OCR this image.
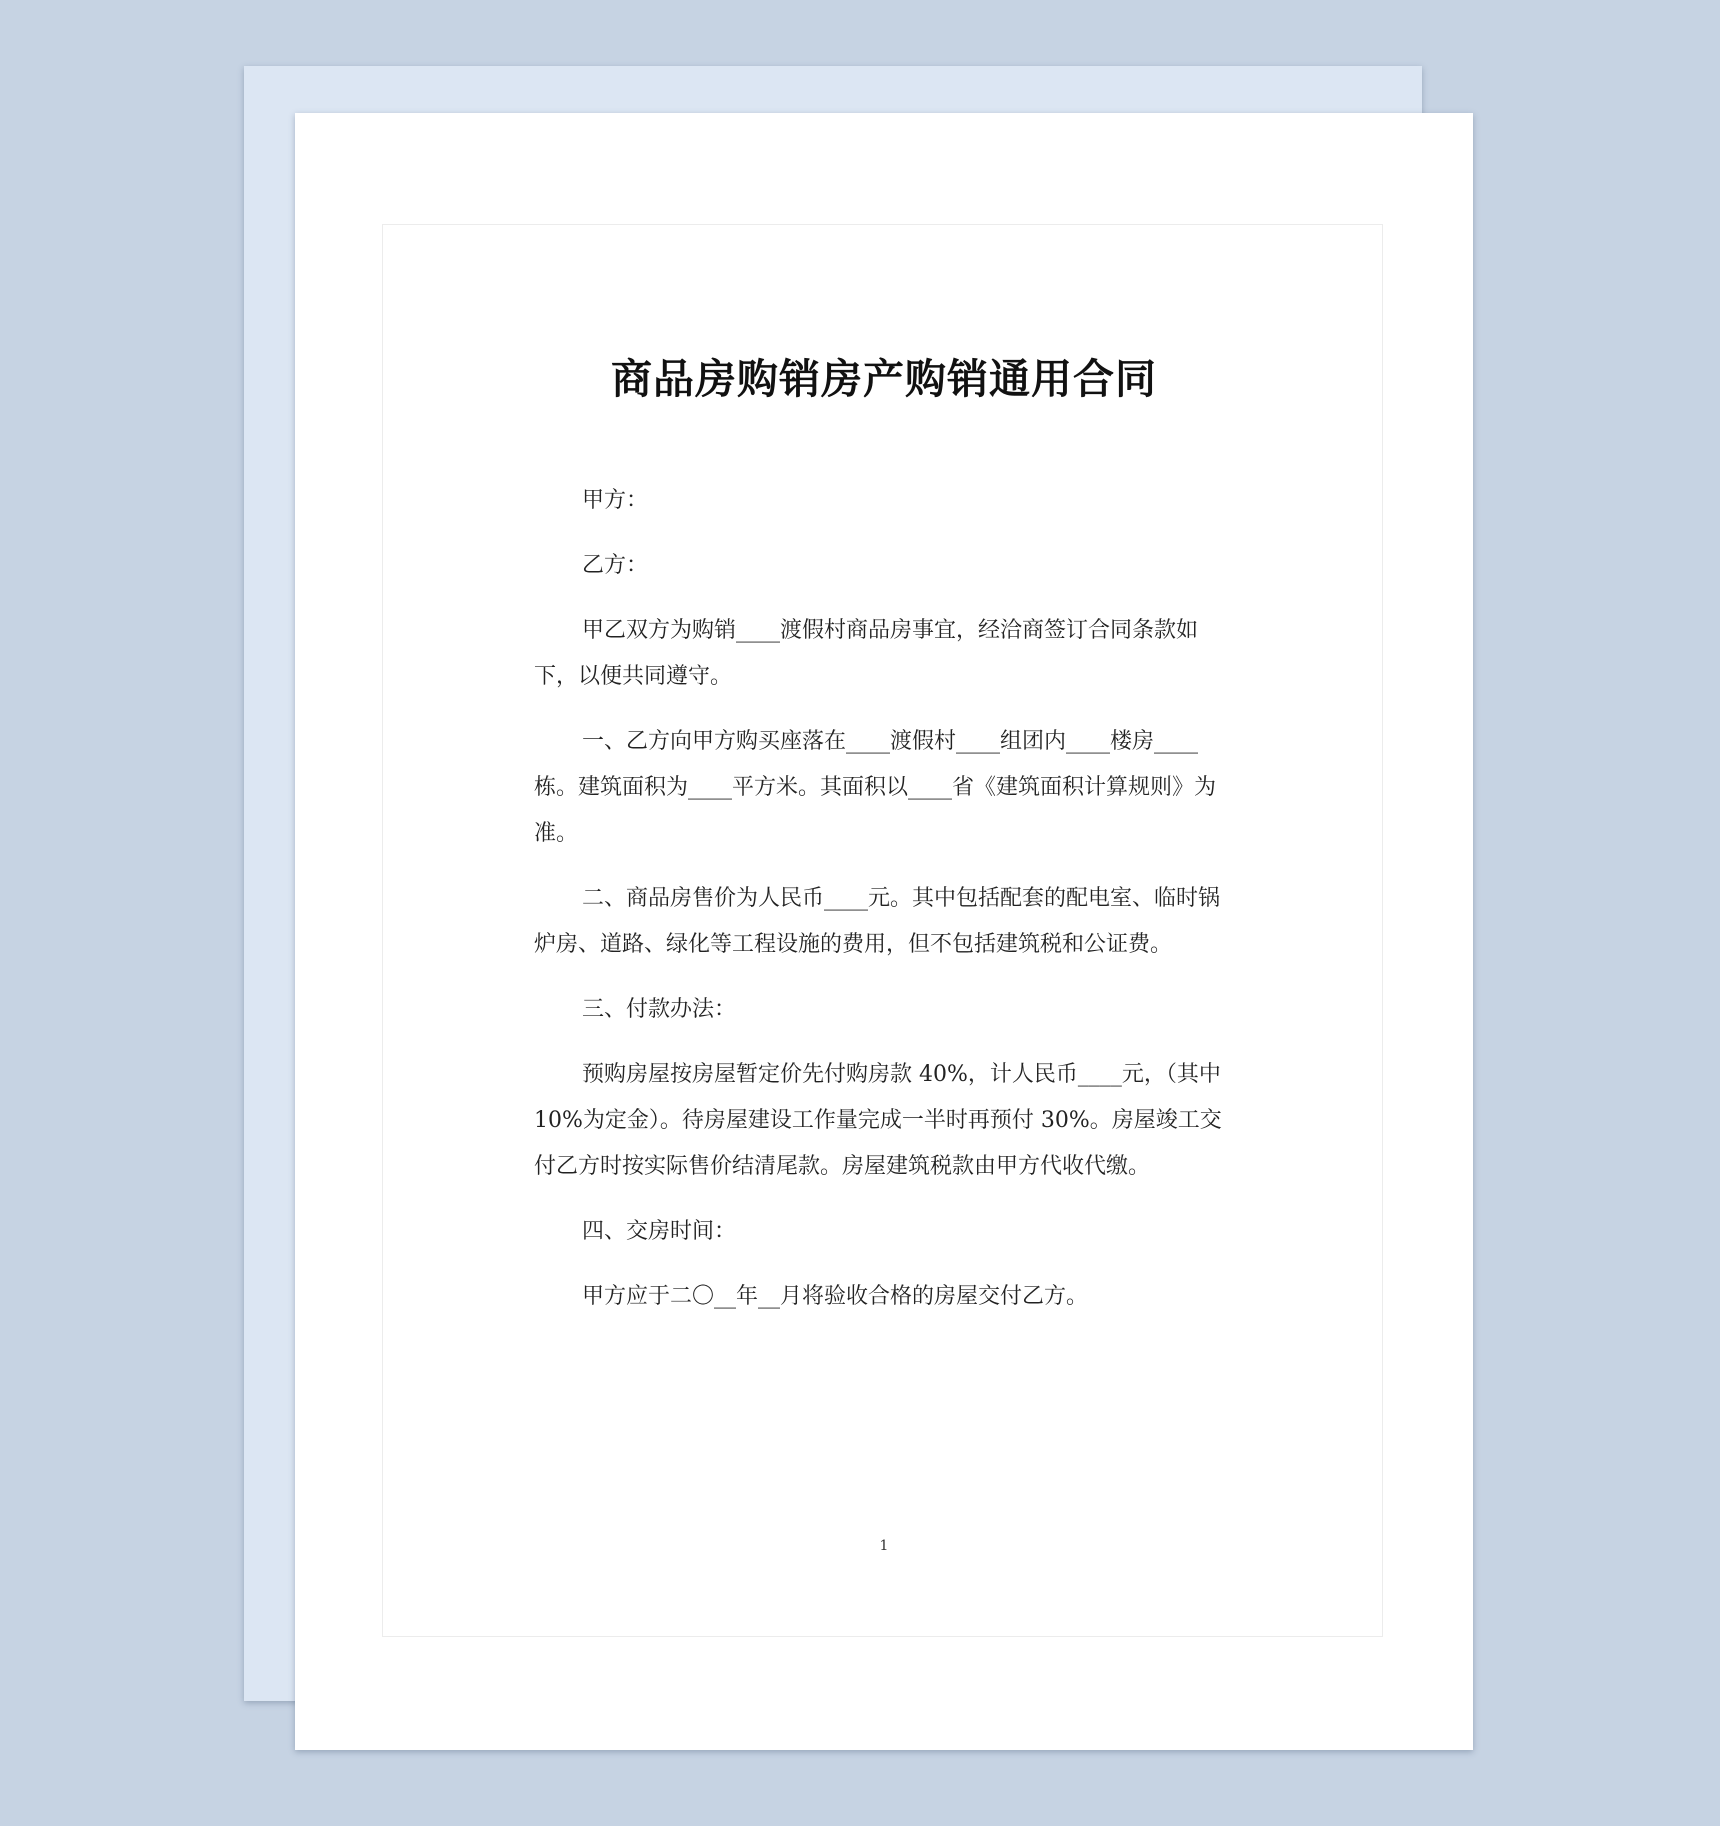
商品房购销房产购销通用合同

甲方：

乙方：

甲乙双方为购销____渡假村商品房事宜，经洽商签订合同条款如下，以便共同遵守。

一、乙方向甲方购买座落在____渡假村____组团内____楼房____栋。建筑面积为____平方米。其面积以____省《建筑面积计算规则》为准。

二、商品房售价为人民币____元。其中包括配套的配电室、临时锅炉房、道路、绿化等工程设施的费用，但不包括建筑税和公证费。

三、付款办法：

预购房屋按房屋暂定价先付购房款 40%，计人民币____元，（其中 10%为定金）。待房屋建设工作量完成一半时再预付 30%。房屋竣工交付乙方时按实际售价结清尾款。房屋建筑税款由甲方代收代缴。

四、交房时间：

甲方应于二〇__年__月将验收合格的房屋交付乙方。

1
